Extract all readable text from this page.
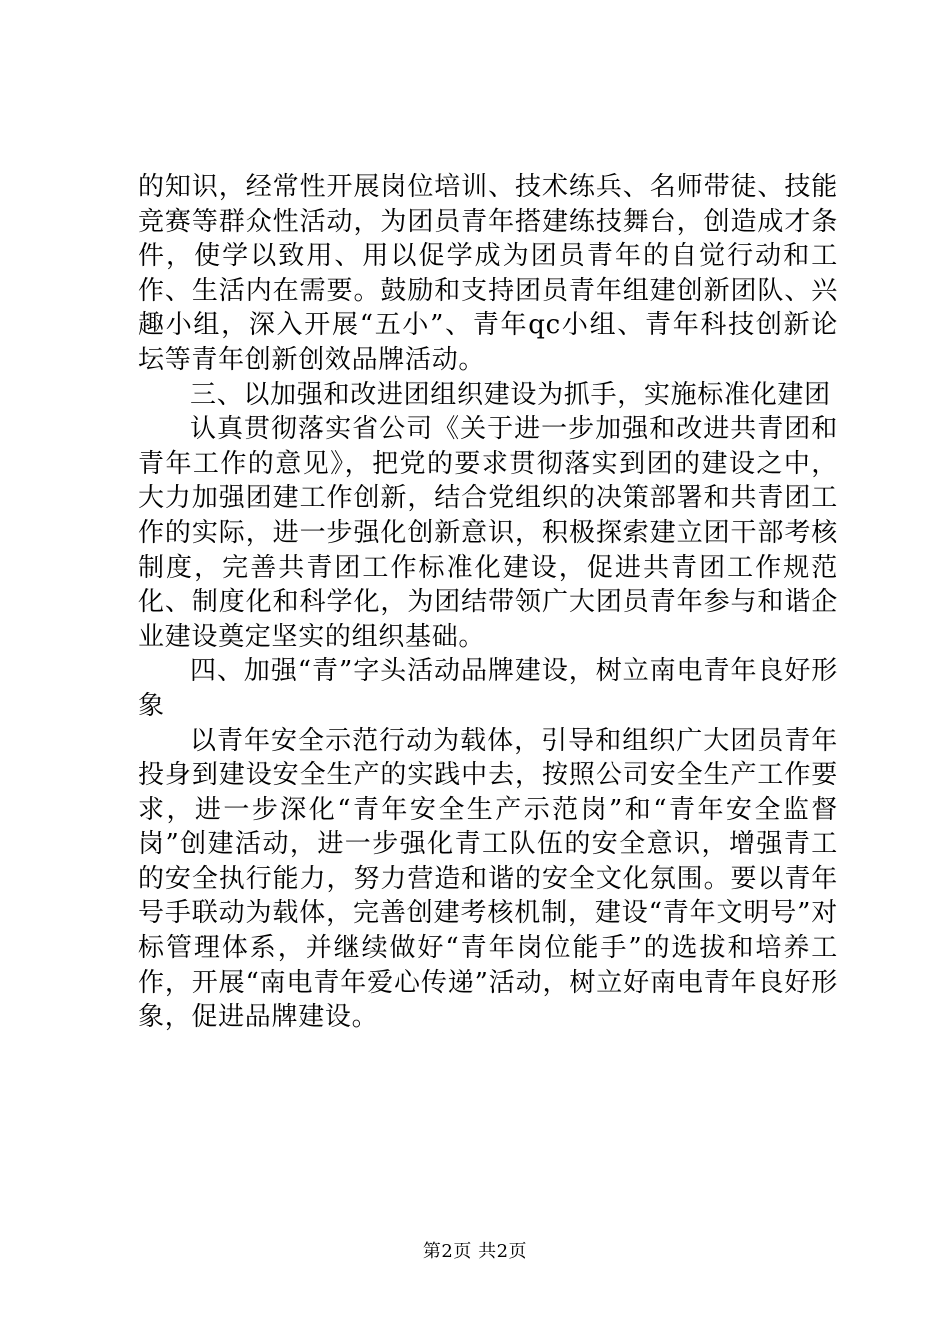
的知识，经常性开展岗位培训、技术练兵、名师带徒、技能竞赛等群众性活动，为团员青年搭建练技舞台，创造成才条件，使学以致用、用以促学成为团员青年的自觉行动和工作、生活内在需要。鼓励和支持团员青年组建创新团队、兴趣小组，深入开展“五小”、青年qc小组、青年科技创新论坛等青年创新创效品牌活动。

三、以加强和改进团组织建设为抓手，实施标准化建团

认真贯彻落实省公司《关于进一步加强和改进共青团和青年工作的意见》，把党的要求贯彻落实到团的建设之中，大力加强团建工作创新，结合党组织的决策部署和共青团工作的实际，进一步强化创新意识，积极探索建立团干部考核制度，完善共青团工作标准化建设，促进共青团工作规范化、制度化和科学化，为团结带领广大团员青年参与和谐企业建设奠定坚实的组织基础。

四、加强“青”字头活动品牌建设，树立南电青年良好形象

以青年安全示范行动为载体，引导和组织广大团员青年投身到建设安全生产的实践中去，按照公司安全生产工作要求，进一步深化“青年安全生产示范岗”和“青年安全监督岗”创建活动，进一步强化青工队伍的安全意识，增强青工的安全执行能力，努力营造和谐的安全文化氛围。要以青年号手联动为载体，完善创建考核机制，建设“青年文明号”对标管理体系，并继续做好“青年岗位能手”的选拔和培养工作，开展“南电青年爱心传递”活动，树立好南电青年良好形象，促进品牌建设。

第2页 共2页
